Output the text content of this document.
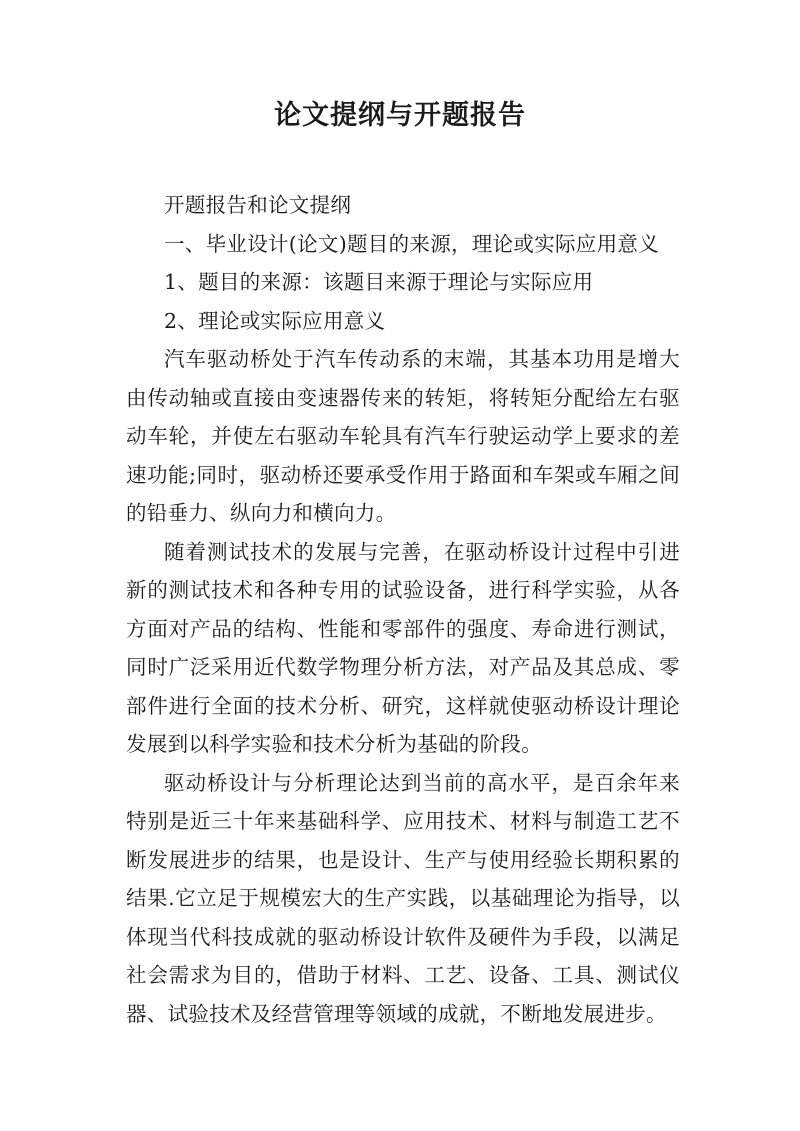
论文提纲与开题报告

开题报告和论文提纲

一、毕业设计(论文)题目的来源，理论或实际应用意义

1、题目的来源：该题目来源于理论与实际应用

2、理论或实际应用意义

汽车驱动桥处于汽车传动系的末端，其基本功用是增大由传动轴或直接由变速器传来的转矩，将转矩分配给左右驱动车轮，并使左右驱动车轮具有汽车行驶运动学上要求的差速功能;同时，驱动桥还要承受作用于路面和车架或车厢之间的铅垂力、纵向力和横向力。

随着测试技术的发展与完善，在驱动桥设计过程中引进新的测试技术和各种专用的试验设备，进行科学实验，从各方面对产品的结构、性能和零部件的强度、寿命进行测试，同时广泛采用近代数学物理分析方法，对产品及其总成、零部件进行全面的技术分析、研究，这样就使驱动桥设计理论发展到以科学实验和技术分析为基础的阶段。

驱动桥设计与分析理论达到当前的高水平，是百余年来特别是近三十年来基础科学、应用技术、材料与制造工艺不断发展进步的结果，也是设计、生产与使用经验长期积累的结果.它立足于规模宏大的生产实践，以基础理论为指导，以体现当代科技成就的驱动桥设计软件及硬件为手段，以满足社会需求为目的，借助于材料、工艺、设备、工具、测试仪器、试验技术及经营管理等领域的成就，不断地发展进步。
